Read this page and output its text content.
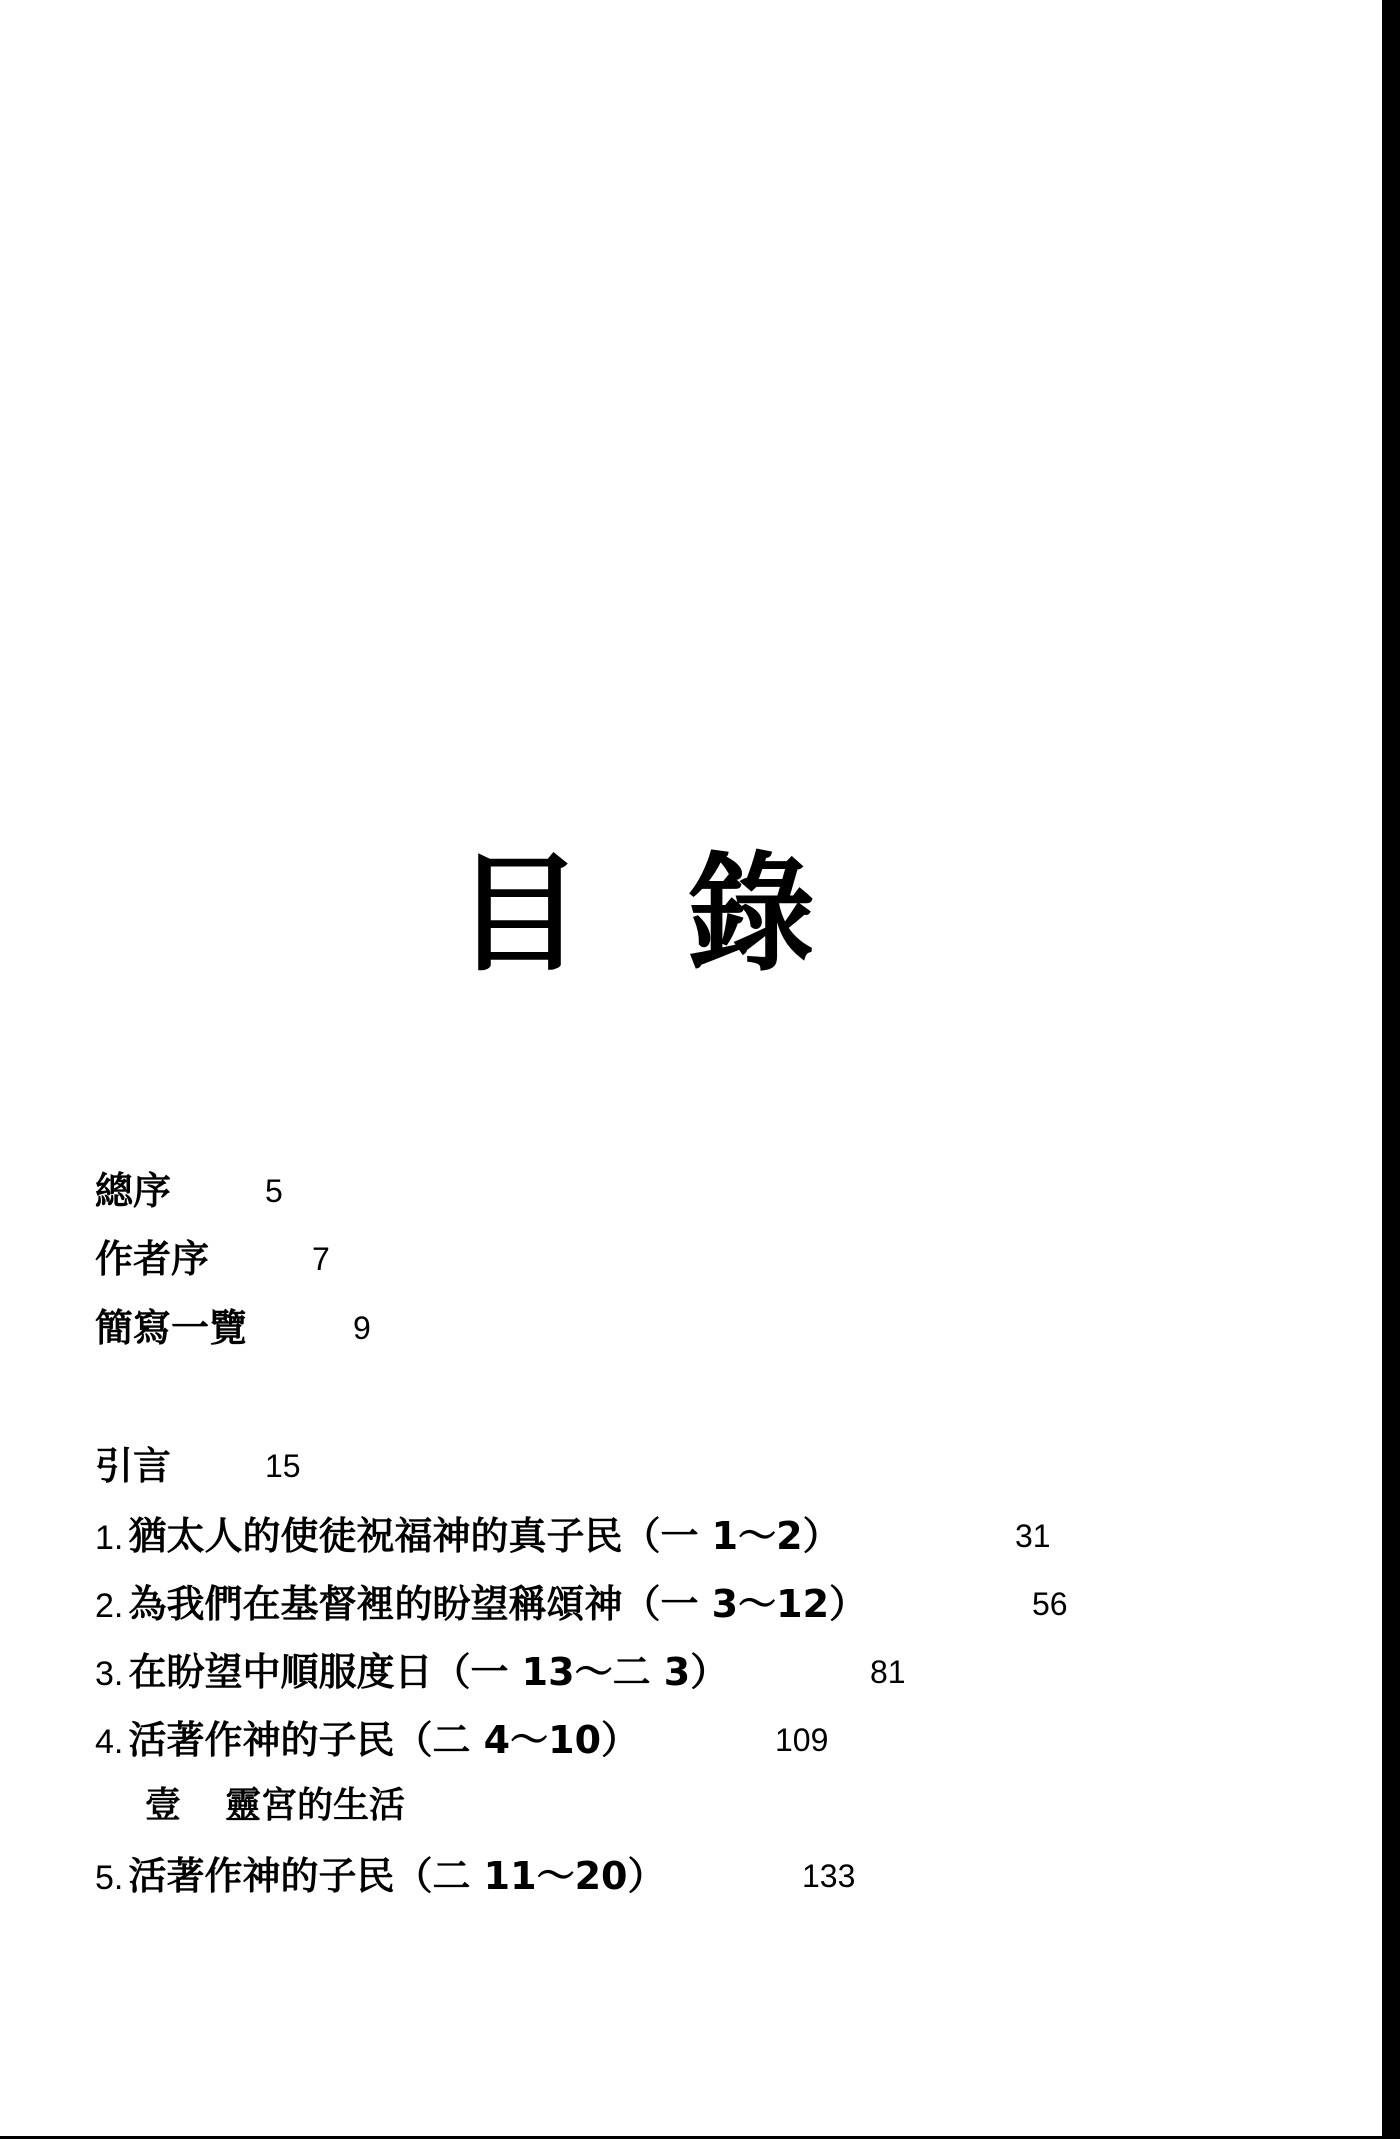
目 錄
總序	5
作者序	7
簡寫一覽	9
引言	15
1. 猶太人的使徒祝福神的真子民（一 1～2）	31
2. 為我們在基督裡的盼望稱頌神（一 3～12）	56
3. 在盼望中順服度日（一 13～二 3）	81
4. 活著作神的子民（二 4～10）	109
壹 靈宮的生活
5. 活著作神的子民（二 11～20）	133
